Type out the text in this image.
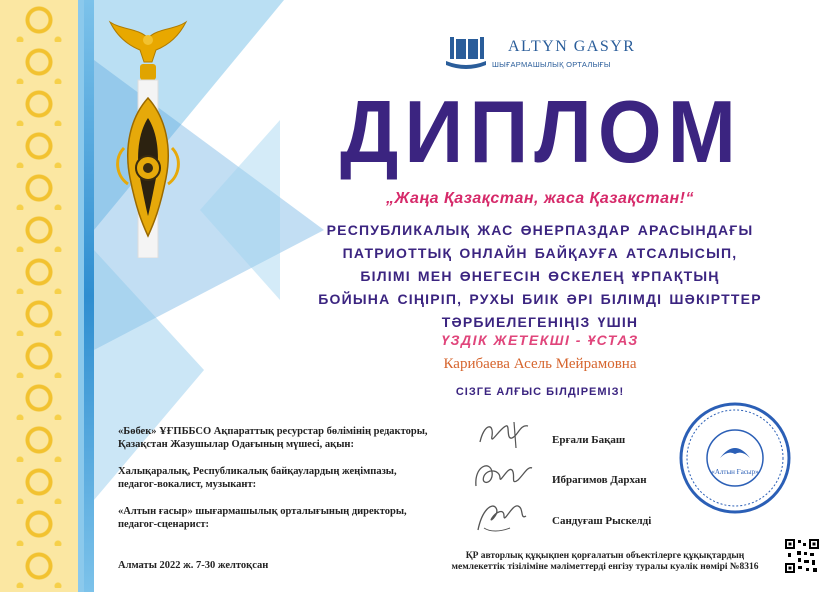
ALTYN GASYR
ШЫҒАРМАШЫЛЫҚ ОРТАЛЫҒЫ
ДИПЛОМ
„Жаңа Қазақстан, жаса Қазақстан!“
РЕСПУБЛИКАЛЫҚ ЖАС ӨНЕРПАЗДАР АРАСЫНДАҒЫ
ПАТРИОТТЫҚ ОНЛАЙН БАЙҚАУҒА АТСАЛЫСЫП,
БІЛІМІ МЕН ӨНЕГЕСІН ӨСКЕЛЕҢ ҰРПАҚТЫҢ
БОЙЫНА СІҢІРІП, РУХЫ БИІК ӘРІ БІЛІМДІ ШӘКІРТТЕР
ТӘРБИЕЛЕГЕНІҢІЗ ҮШІН
ҮЗДІК ЖЕТЕКШІ - ҰСТАЗ
Карибаева Асель Мейрамовна
СІЗГЕ АЛҒЫС БІЛДІРЕМІЗ!
«Бөбек» ҰҒПББСО Ақпараттық ресурстар бөлімінің редакторы,
Қазақстан Жазушылар Одағының мүшесі, ақын:	Ерғали Бақаш
Халықаралық, Республикалық байқаулардың жеңімпазы,
педагог-вокалист, музыкант:	Ибрагимов Дархан
«Алтын ғасыр» шығармашылық орталығының директоры,
педагог-сценарист:	Сандуғаш Рыскелді
«Алтын Ғасыр»
Алматы 2022 ж. 7-30 желтоқсан
ҚР авторлық құқықпен қорғалатын объектілерге құқықтардың
мемлекеттік тізіліміне мәліметтерді енгізу туралы куәлік нөмірі №8316
